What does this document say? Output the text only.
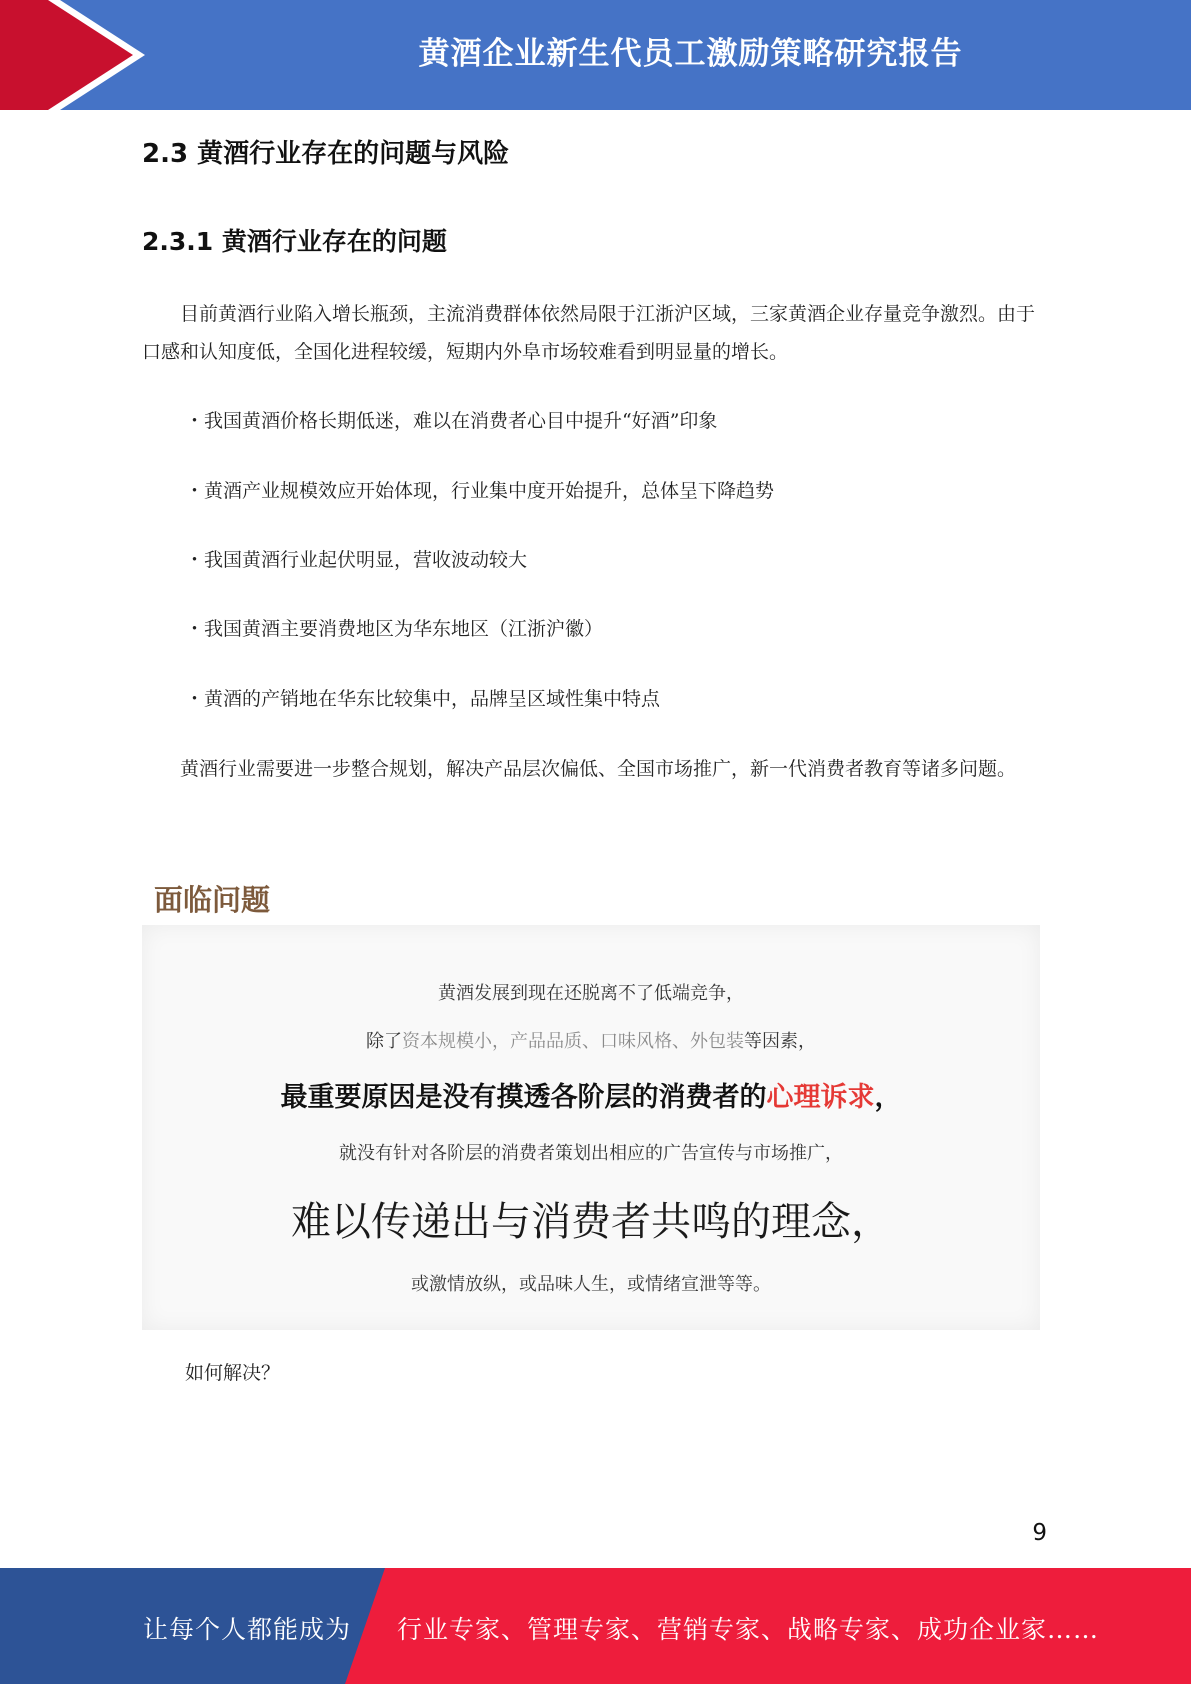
黄酒企业新生代员工激励策略研究报告
2.3 黄酒行业存在的问题与风险
2.3.1 黄酒行业存在的问题
目前黄酒行业陷入增长瓶颈，主流消费群体依然局限于江浙沪区域，三家黄酒企业存量竞争激烈。由于口感和认知度低，全国化进程较缓，短期内外阜市场较难看到明显量的增长。
・我国黄酒价格长期低迷，难以在消费者心目中提升“好酒”印象
・黄酒产业规模效应开始体现，行业集中度开始提升，总体呈下降趋势
・我国黄酒行业起伏明显，营收波动较大
・我国黄酒主要消费地区为华东地区（江浙沪徽）
・黄酒的产销地在华东比较集中，品牌呈区域性集中特点
黄酒行业需要进一步整合规划，解决产品层次偏低、全国市场推广，新一代消费者教育等诸多问题。
面临问题
黄酒发展到现在还脱离不了低端竞争，
除了资本规模小，产品品质、口味风格、外包装等因素，
最重要原因是没有摸透各阶层的消费者的心理诉求，
就没有针对各阶层的消费者策划出相应的广告宣传与市场推广，
难以传递出与消费者共鸣的理念，
或激情放纵，或品味人生，或情绪宣泄等等。
如何解决？
9
让每个人都能成为 行业专家、管理专家、营销专家、战略专家、成功企业家……
